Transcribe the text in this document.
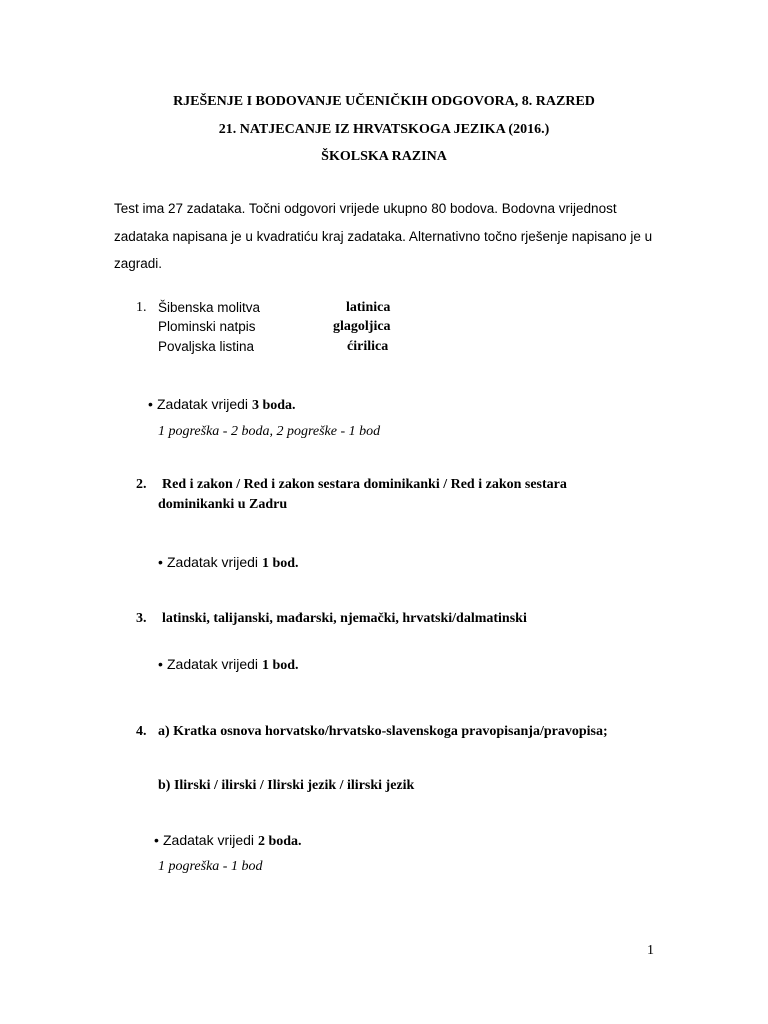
RJEŠENJE I BODOVANJE UČENIČKIH ODGOVORA, 8. RAZRED
21. NATJECANJE IZ HRVATSKOGA JEZIKA (2016.)
ŠKOLSKA RAZINA
Test ima 27 zadataka. Točni odgovori vrijede ukupno 80 bodova. Bodovna vrijednost
zadataka napisana je u kvadratiću kraj zadataka. Alternativno točno rješenje napisano je u
zagradi.
1. Šibenska molitva	latinica
Plominski natpis	glagoljica
Povaljska listina	ćirilica
• Zadatak vrijedi 3 boda.
1 pogreška - 2 boda, 2 pogreške - 1 bod
2. Red i zakon / Red i zakon sestara dominikanki / Red i zakon sestara
dominikanki u Zadru
• Zadatak vrijedi 1 bod.
3. latinski, talijanski, mađarski, njemački, hrvatski/dalmatinski
• Zadatak vrijedi 1 bod.
4. a) Kratka osnova horvatsko/hrvatsko-slavenskoga pravopisanja/pravopisa;
b) Ilirski / ilirski / Ilirski jezik / ilirski jezik
• Zadatak vrijedi 2 boda.
1 pogreška - 1 bod
1
